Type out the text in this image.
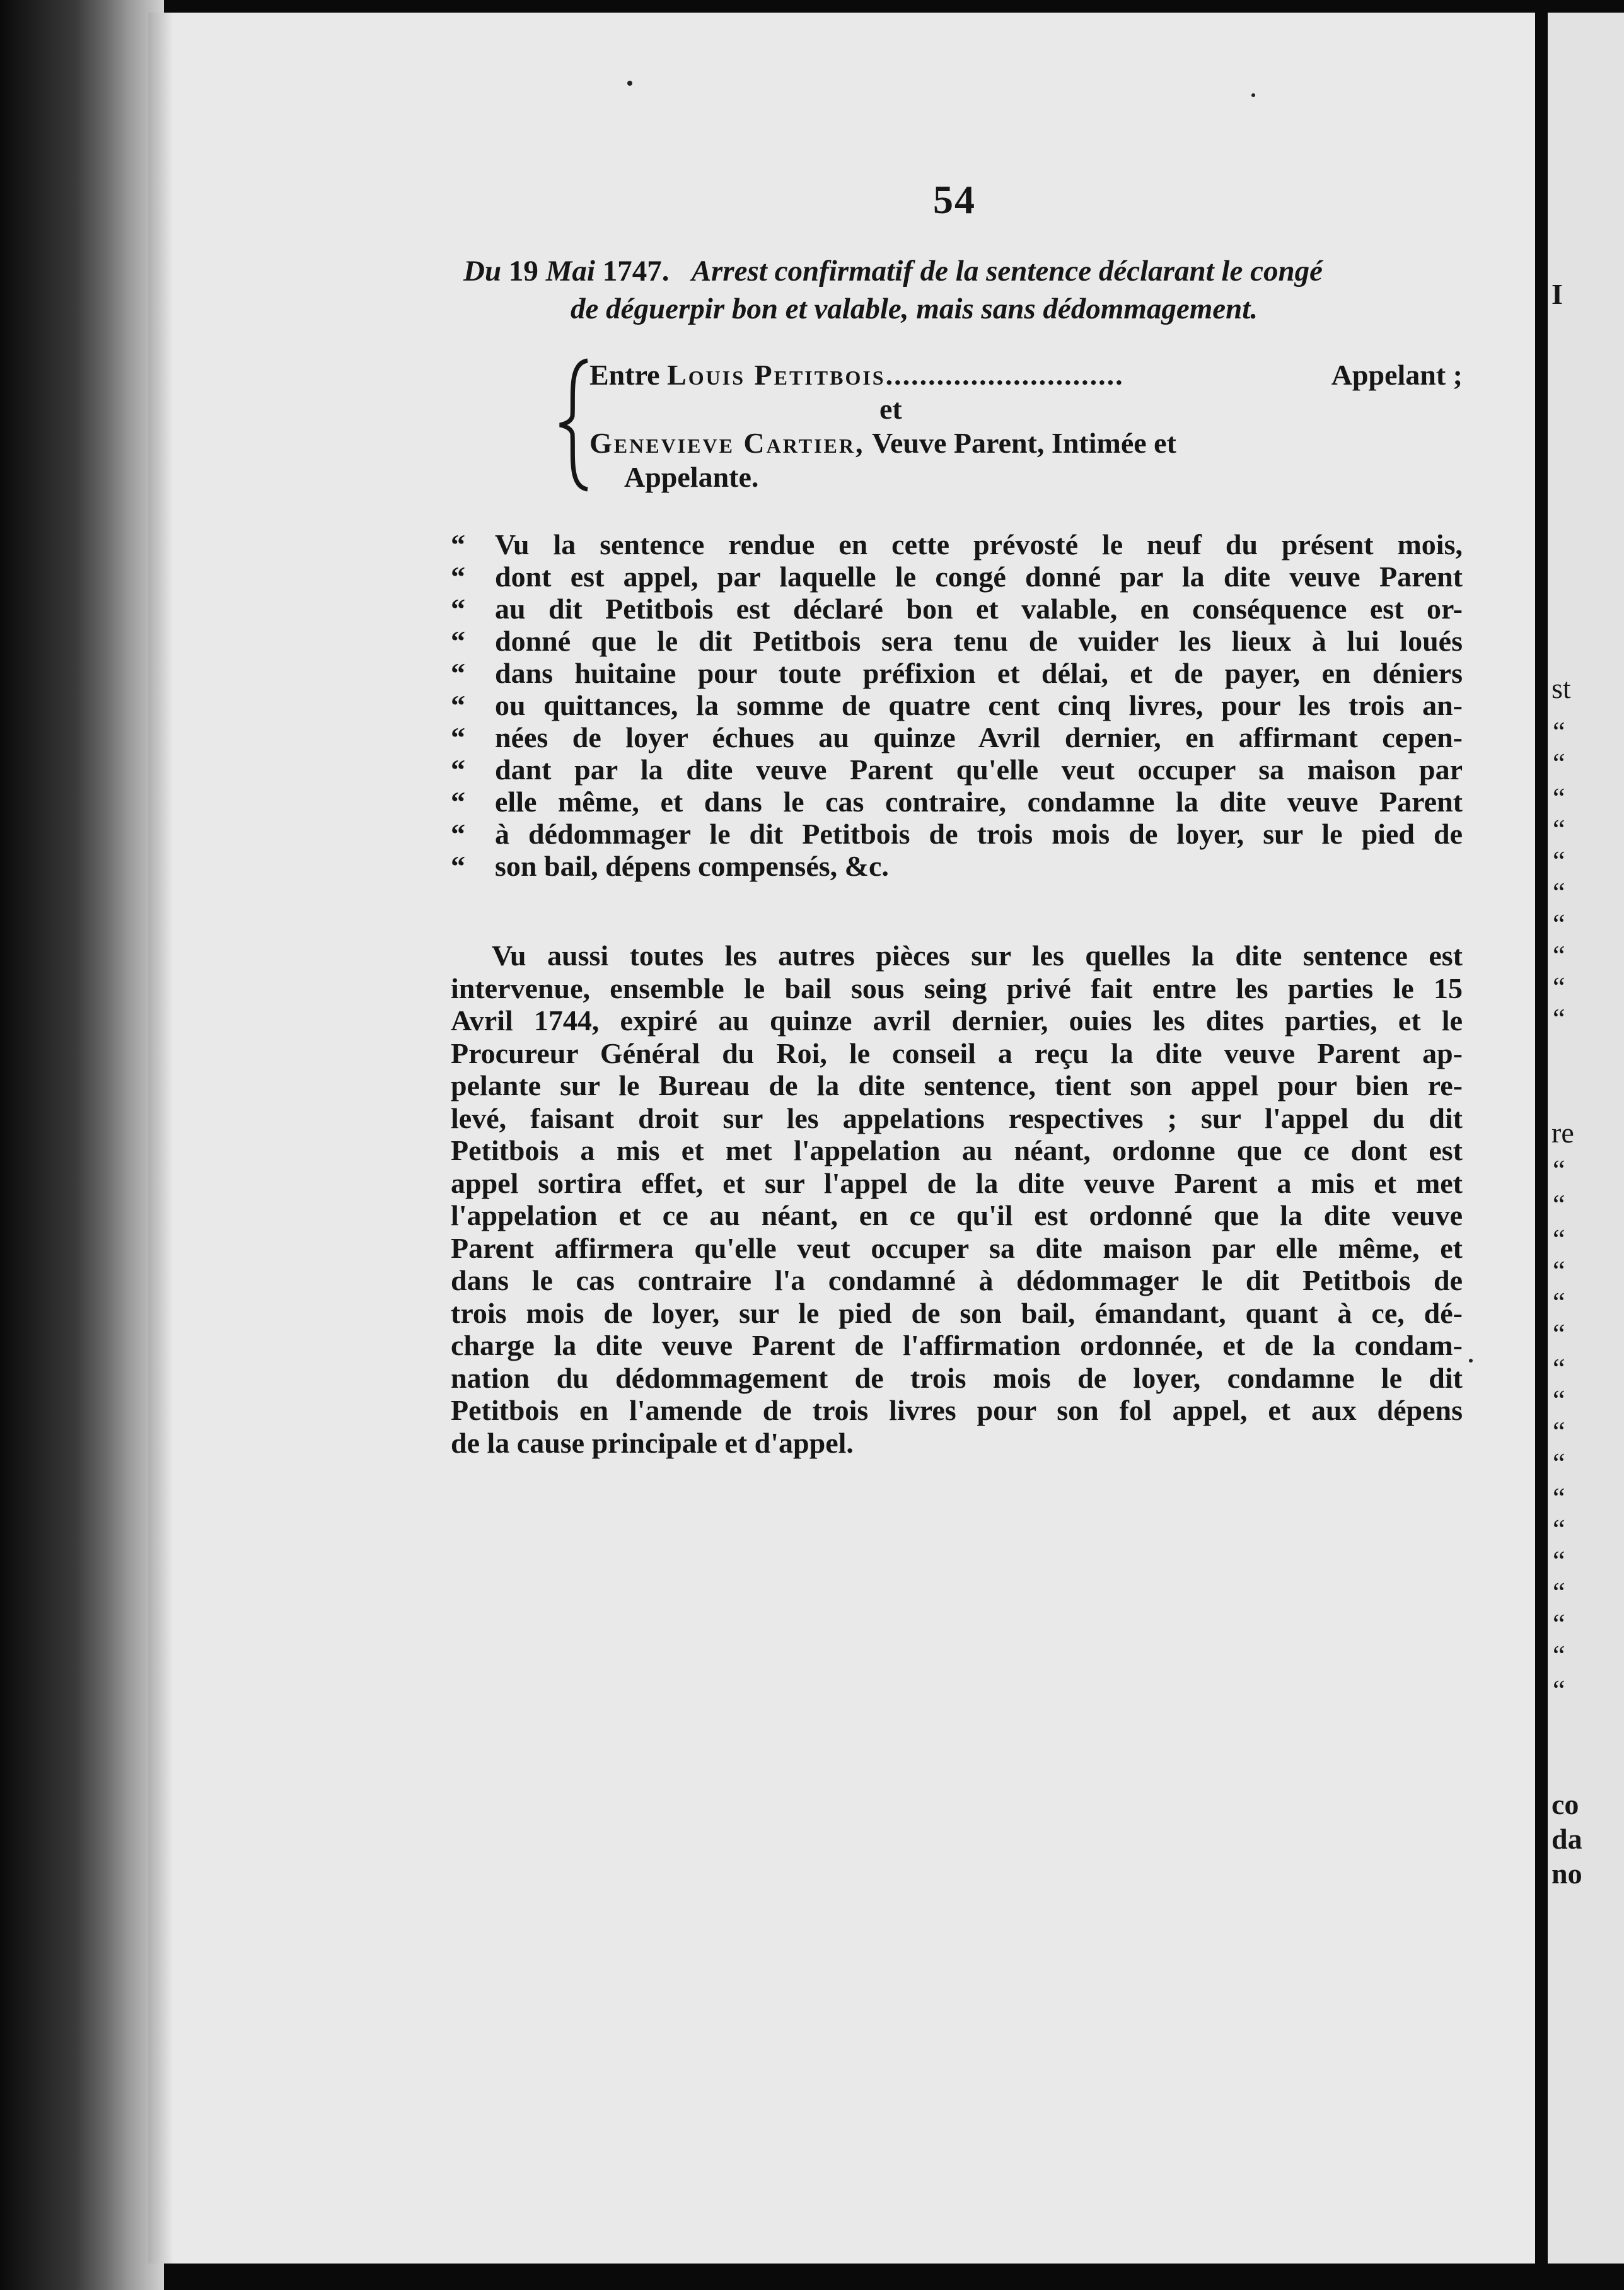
I
st
re
co
da
no
“
“
“
“
“
“
“
“
“
“
“
“
“
“
“
“
“
“
“
“
“
“
“
“
“
“
“
54
Du 19 Mai 1747. Arrest confirmatif de la sentence déclarant le congé
de déguerpir bon et valable, mais sans dédommagement.
Entre
Louis Petitbois ............................	Appelant ;
et
Genevieve Cartier, Veuve Parent, Intimée et
Appelante.
“	Vu la sentence rendue en cette prévosté le neuf du présent mois,
“	dont est appel, par laquelle le congé donné par la dite veuve Parent
“	au dit Petitbois est déclaré bon et valable, en conséquence est or-
“	donné que le dit Petitbois sera tenu de vuider les lieux à lui loués
“	dans huitaine pour toute préfixion et délai, et de payer, en déniers
“	ou quittances, la somme de quatre cent cinq livres, pour les trois an-
“	nées de loyer échues au quinze Avril dernier, en affirmant cepen-
“	dant par la dite veuve Parent qu'elle veut occuper sa maison par
“	elle même, et dans le cas contraire, condamne la dite veuve Parent
“	à dédommager le dit Petitbois de trois mois de loyer, sur le pied de
“	son bail, dépens compensés, &c.
Vu aussi toutes les autres pièces sur les quelles la dite sentence est
intervenue, ensemble le bail sous seing privé fait entre les parties le 15
Avril 1744, expiré au quinze avril dernier, ouies les dites parties, et le
Procureur Général du Roi, le conseil a reçu la dite veuve Parent ap-
pelante sur le Bureau de la dite sentence, tient son appel pour bien re-
levé, faisant droit sur les appelations respectives ; sur l'appel du dit
Petitbois a mis et met l'appelation au néant, ordonne que ce dont est
appel sortira effet, et sur l'appel de la dite veuve Parent a mis et met
l'appelation et ce au néant, en ce qu'il est ordonné que la dite veuve
Parent affirmera qu'elle veut occuper sa dite maison par elle même, et
dans le cas contraire l'a condamné à dédommager le dit Petitbois de
trois mois de loyer, sur le pied de son bail, émandant, quant à ce, dé-
charge la dite veuve Parent de l'affirmation ordonnée, et de la condam-
nation du dédommagement de trois mois de loyer, condamne le dit
Petitbois en l'amende de trois livres pour son fol appel, et aux dépens
de la cause principale et d'appel.
